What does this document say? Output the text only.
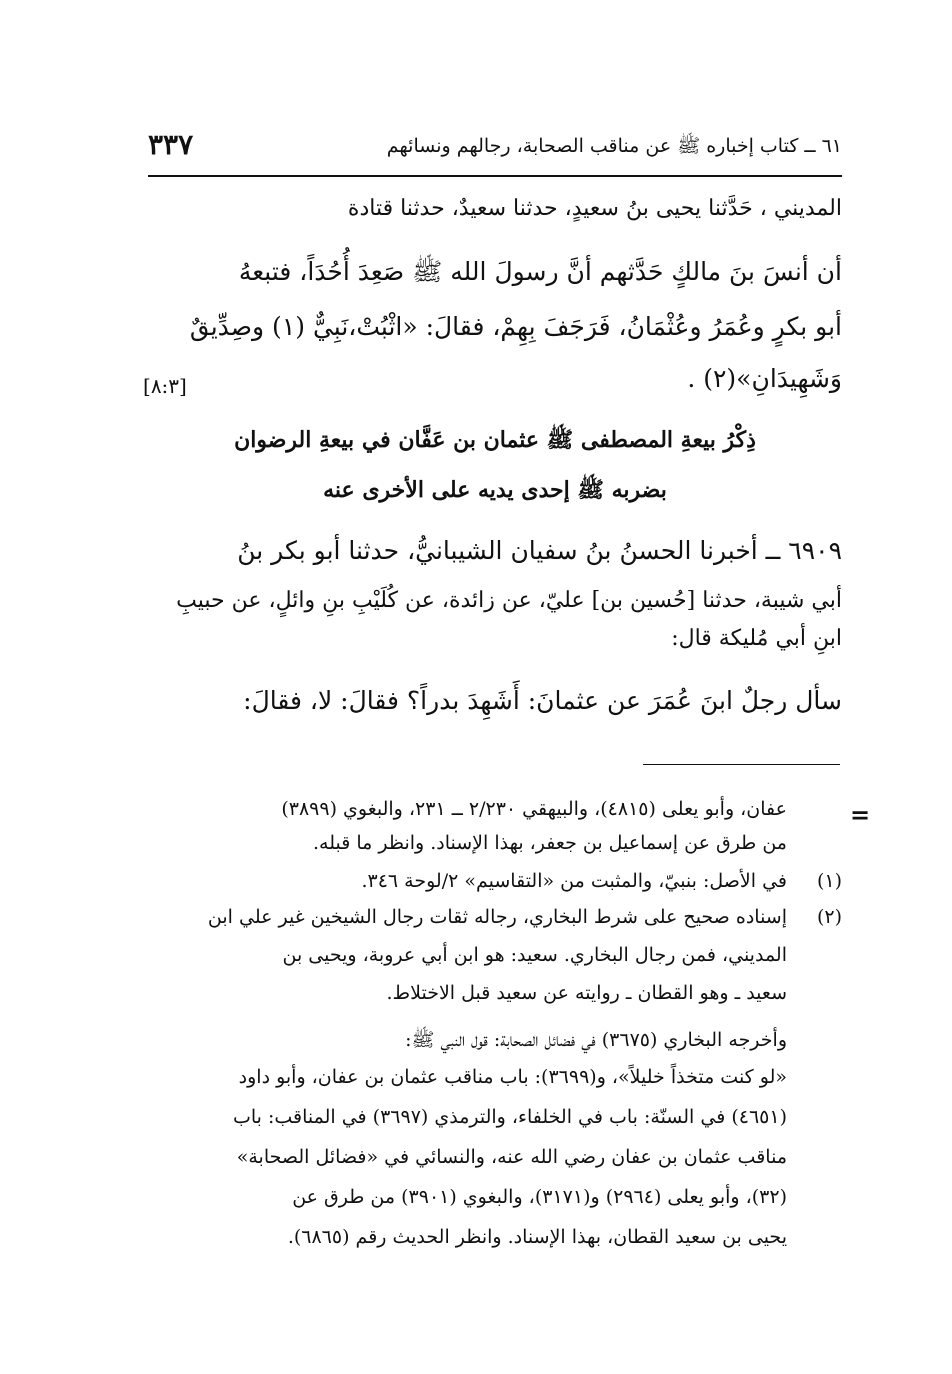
٣٣٧	٦١ ــ كتاب إخباره ﷺ عن مناقب الصحابة، رجالهم ونسائهم
المديني ، حَدَّثنا يحيى بنُ سعيدٍ، حدثنا سعيدٌ، حدثنا قتادة
أن أنسَ بنَ مالكٍ حَدَّثهم أنَّ رسولَ الله ﷺ صَعِدَ أُحُدَاً، فتبعهُ
أبو بكرٍ وعُمَرُ وعُثْمَانُ، فَرَجَفَ بِهِمْ، فقالَ: «اثْبُتْ،نَبِيٌّ (١) وصِدِّيقٌ
وَشَهِيدَانِ»(٢) .
[٨:٣]
ذِكْرُ بيعةِ المصطفى ﷺ عثمان بن عَفَّان في بيعةِ الرضوان
بضربه ﷺ إحدى يديه على الأخرى عنه
٦٩٠٩ ــ أخبرنا الحسنُ بنُ سفيان الشيبانيُّ، حدثنا أبو بكر بنُ
أبي شيبة، حدثنا [حُسين بن] عليّ، عن زائدة، عن كُلَيْبِ بنِ وائلٍ، عن حبيبِ
ابنِ أبي مُليكة قال:
سأل رجلٌ ابنَ عُمَرَ عن عثمانَ: أَشَهِدَ بدراً؟ فقالَ: لا، فقالَ:
=
عفان، وأبو يعلى (٤٨١٥)، والبيهقي ٢/٢٣٠ ــ ٢٣١، والبغوي (٣٨٩٩)
من طرق عن إسماعيل بن جعفر، بهذا الإسناد. وانظر ما قبله.
(١)
في الأصل: بنبيّ، والمثبت من «التقاسيم» ٢/لوحة ٣٤٦.
(٢)
إسناده صحيح على شرط البخاري، رجاله ثقات رجال الشيخين غير علي ابن
المديني، فمن رجال البخاري. سعيد: هو ابن أبي عروبة، ويحيى بن
سعيد ـ وهو القطان ـ روايته عن سعيد قبل الاختلاط.
وأخرجه البخاري (٣٦٧٥) في فضائل الصحابة: قول النبي ﷺ:
«لو كنت متخذاً خليلاً»، و(٣٦٩٩): باب مناقب عثمان بن عفان، وأبو داود
(٤٦٥١) في السنّة: باب في الخلفاء، والترمذي (٣٦٩٧) في المناقب: باب
مناقب عثمان بن عفان رضي الله عنه، والنسائي في «فضائل الصحابة»
(٣٢)، وأبو يعلى (٢٩٦٤) و(٣١٧١)، والبغوي (٣٩٠١) من طرق عن
يحيى بن سعيد القطان، بهذا الإسناد. وانظر الحديث رقم (٦٨٦٥).
